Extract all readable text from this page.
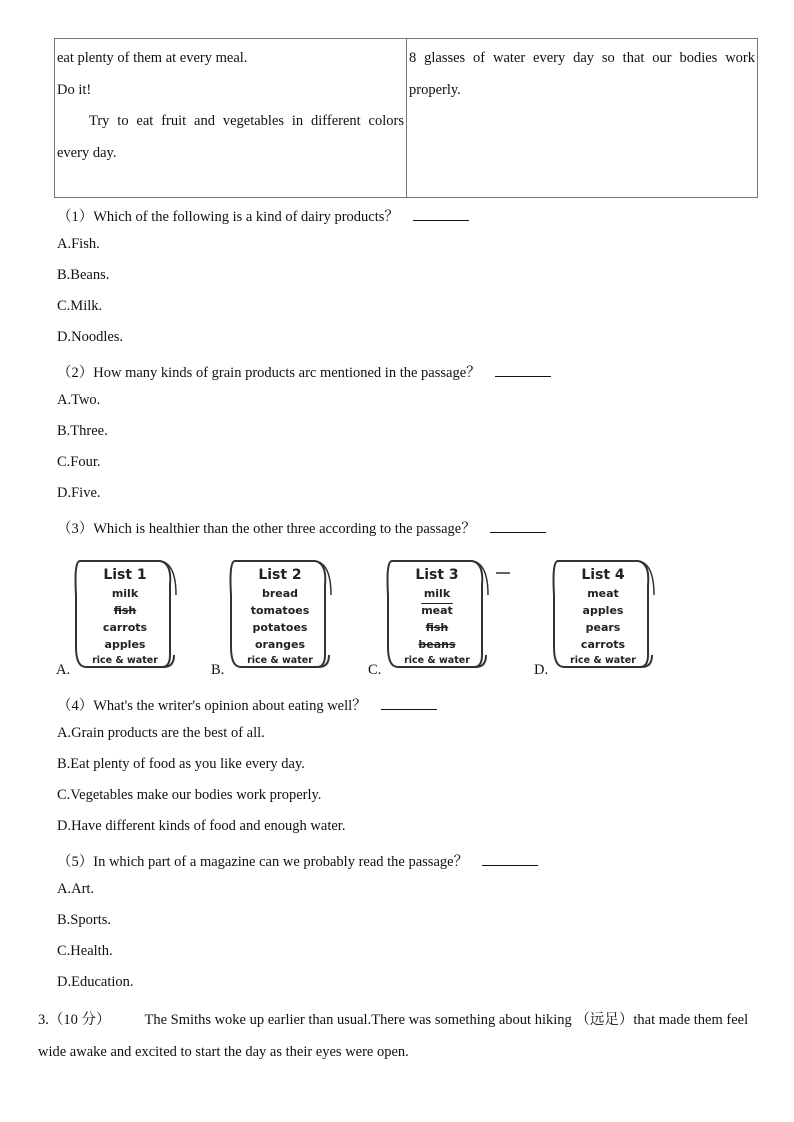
eat plenty of them at every meal.
Do it!
Try to eat fruit and vegetables in different colors
every day.
8 glasses of water every day so that our bodies work
properly.
（1）Which of the following is a kind of dairy products？
A.Fish.
B.Beans.
C.Milk.
D.Noodles.
（2）How many kinds of grain products arc mentioned in the passage？
A.Two.
B.Three.
C.Four.
D.Five.
（3）Which is healthier than the other three according to the passage？
A.
List 1
milk
fish
carrots
apples
rice & water
B.
List 2
bread
tomatoes
potatoes
oranges
rice & water
C.
List 3
milk
meat
fish
beans
rice & water
D.
List 4
meat
apples
pears
carrots
rice & water
（4）What's the writer's opinion about eating well？
A.Grain products are the best of all.
B.Eat plenty of food as you like every day.
C.Vegetables make our bodies work properly.
D.Have different kinds of food and enough water.
（5）In which part of a magazine can we probably read the passage？
A.Art.
B.Sports.
C.Health.
D.Education.
3.（10 分） The Smiths woke up earlier than usual.There was something about hiking （远足）that made them feel wide awake and excited to start the day as their eyes were open.
